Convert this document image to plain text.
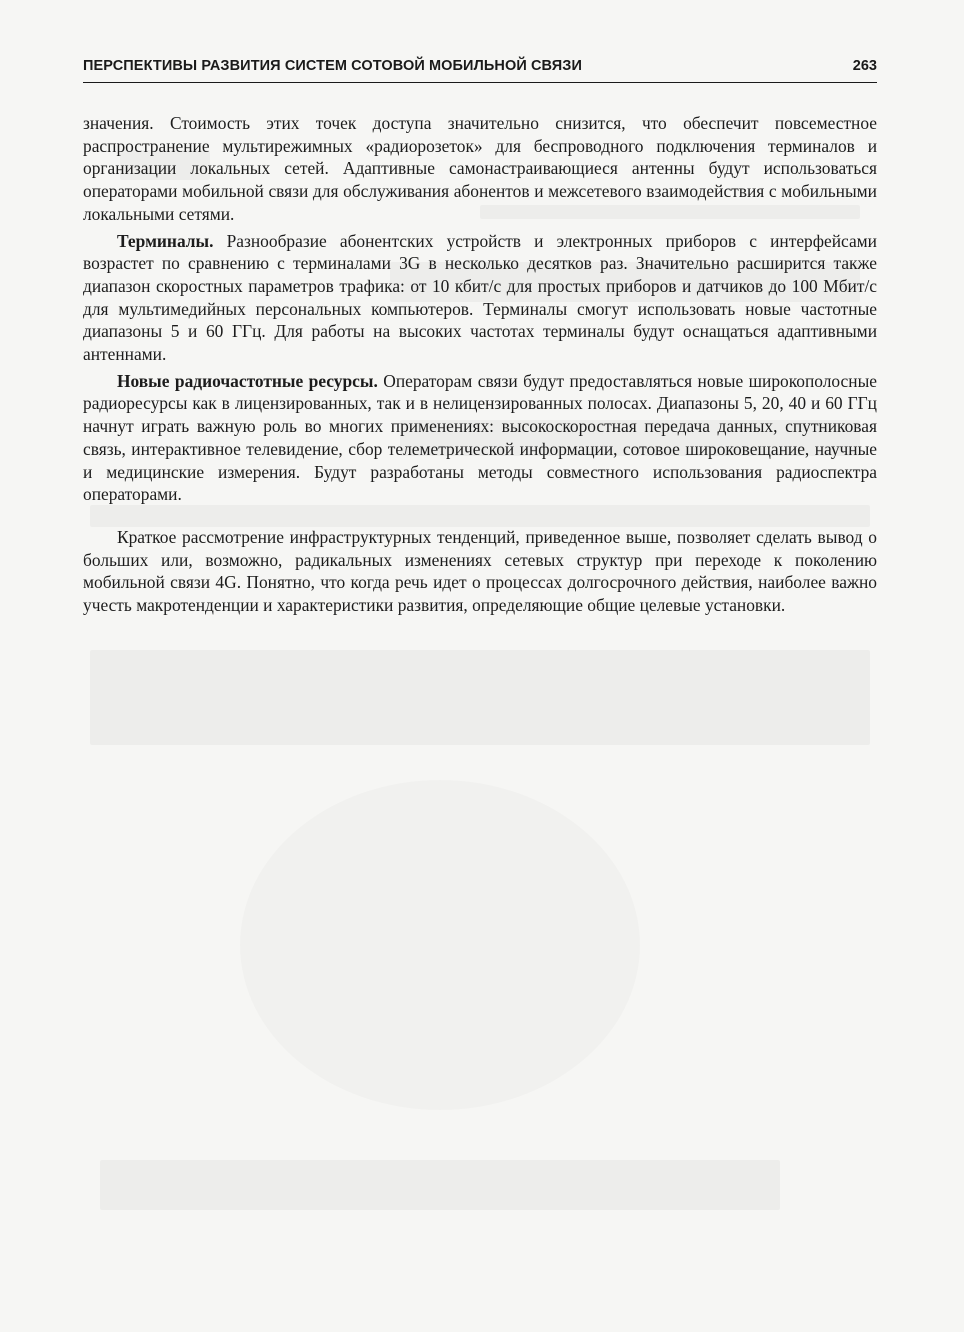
ПЕРСПЕКТИВЫ РАЗВИТИЯ СИСТЕМ СОТОВОЙ МОБИЛЬНОЙ СВЯЗИ	263

значения. Стоимость этих точек доступа значительно снизится, что обеспечит повсеместное распространение мультирежимных «радиорозеток» для беспроводного подключения терминалов и организации локальных сетей. Адаптивные самонастраивающиеся антенны будут использоваться операторами мобильной связи для обслуживания абонентов и межсетевого взаимодействия с мобильными локальными сетями.

Терминалы. Разнообразие абонентских устройств и электронных приборов с интерфейсами возрастет по сравнению с терминалами 3G в несколько десятков раз. Значительно расширится также диапазон скоростных параметров трафика: от 10 кбит/с для простых приборов и датчиков до 100 Мбит/с для мультимедийных персональных компьютеров. Терминалы смогут использовать новые частотные диапазоны 5 и 60 ГГц. Для работы на высоких частотах терминалы будут оснащаться адаптивными антеннами.

Новые радиочастотные ресурсы. Операторам связи будут предоставляться новые широкополосные радиоресурсы как в лицензированных, так и в нелицензированных полосах. Диапазоны 5, 20, 40 и 60 ГГц начнут играть важную роль во многих применениях: высокоскоростная передача данных, спутниковая связь, интерактивное телевидение, сбор телеметрической информации, сотовое широковещание, научные и медицинские измерения. Будут разработаны методы совместного использования радиоспектра операторами.

Краткое рассмотрение инфраструктурных тенденций, приведенное выше, позволяет сделать вывод о больших или, возможно, радикальных изменениях сетевых структур при переходе к поколению мобильной связи 4G. Понятно, что когда речь идет о процессах долгосрочного действия, наиболее важно учесть макротенденции и характеристики развития, определяющие общие целевые установки.
